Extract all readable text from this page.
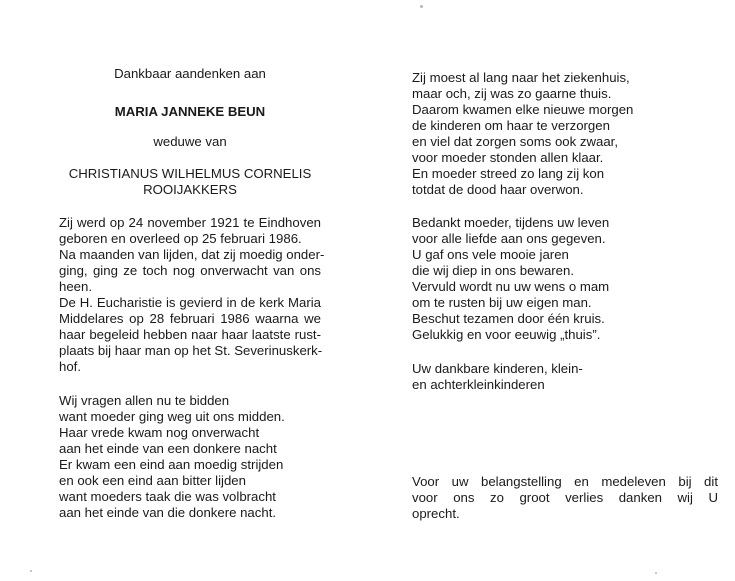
Dankbaar aandenken aan
MARIA JANNEKE BEUN
weduwe van
CHRISTIANUS WILHELMUS CORNELIS
ROOIJAKKERS
Zij werd op 24 november 1921 te Eindhoven
geboren en overleed op 25 februari 1986.
Na maanden van lijden, dat zij moedig onder-
ging, ging ze toch nog onverwacht van ons
heen.
De H. Eucharistie is gevierd in de kerk Maria
Middelares op 28 februari 1986 waarna we
haar begeleid hebben naar haar laatste rust-
plaats bij haar man op het St. Severinuskerk-
hof.
Wij vragen allen nu te bidden
want moeder ging weg uit ons midden.
Haar vrede kwam nog onverwacht
aan het einde van een donkere nacht
Er kwam een eind aan moedig strijden
en ook een eind aan bitter lijden
want moeders taak die was volbracht
aan het einde van die donkere nacht.
Zij moest al lang naar het ziekenhuis,
maar och, zij was zo gaarne thuis.
Daarom kwamen elke nieuwe morgen
de kinderen om haar te verzorgen
en viel dat zorgen soms ook zwaar,
voor moeder stonden allen klaar.
En moeder streed zo lang zij kon
totdat de dood haar overwon.
Bedankt moeder, tijdens uw leven
voor alle liefde aan ons gegeven.
U gaf ons vele mooie jaren
die wij diep in ons bewaren.
Vervuld wordt nu uw wens o mam
om te rusten bij uw eigen man.
Beschut tezamen door één kruis.
Gelukkig en voor eeuwig „thuis”.
Uw dankbare kinderen, klein-
en achterkleinkinderen
Voor uw belangstelling en medeleven bij dit
voor ons zo groot verlies danken wij U
oprecht.
